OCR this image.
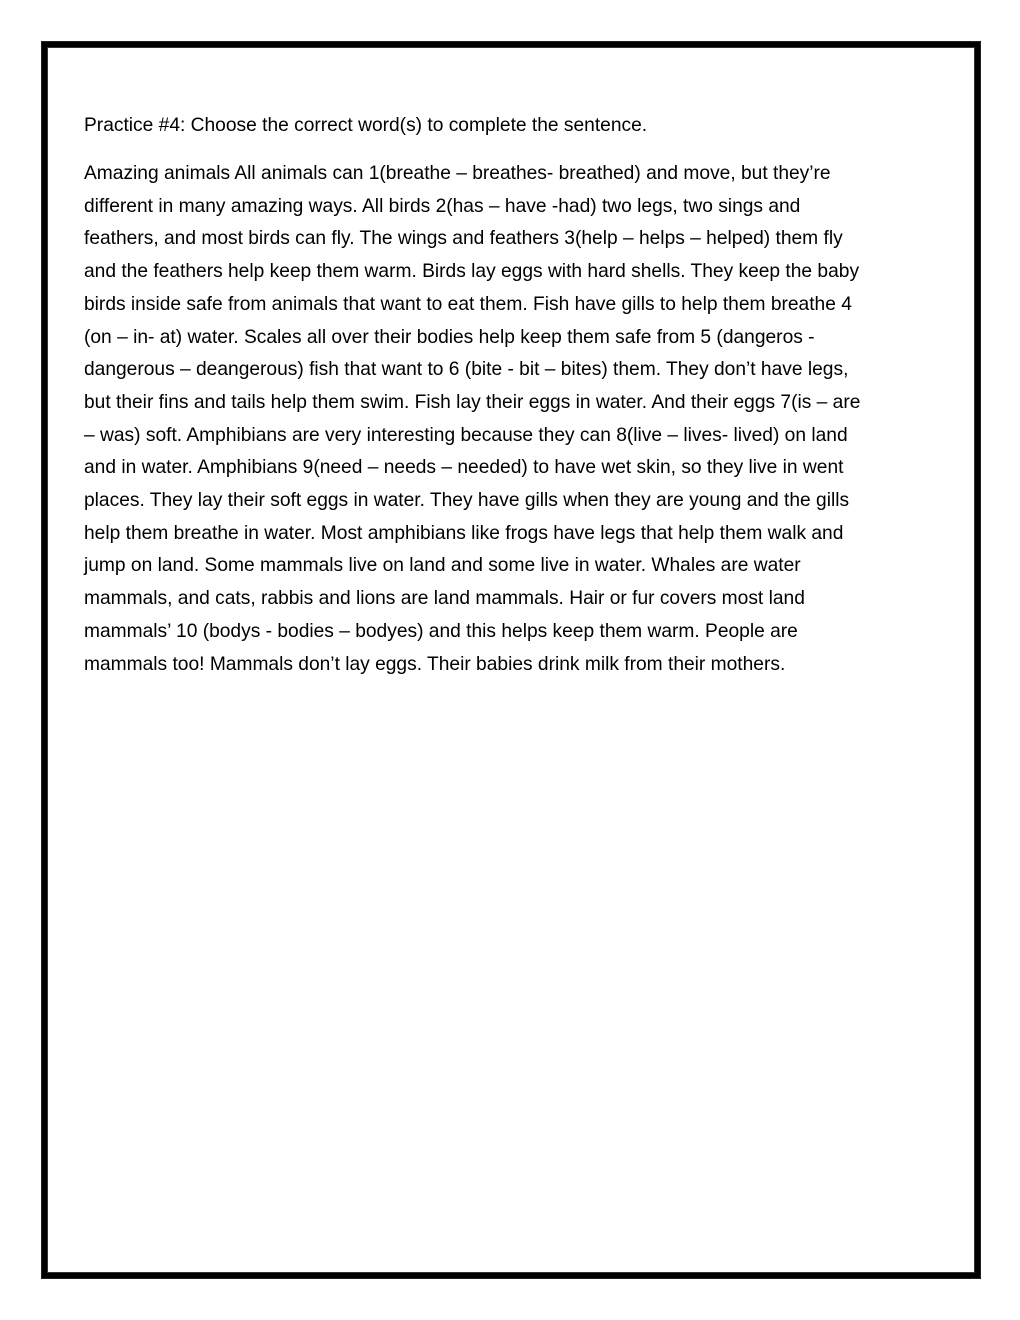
Practice #4: Choose the correct word(s) to complete the sentence.

Amazing animals All animals can 1(breathe – breathes- breathed) and move, but they’re
different in many amazing ways. All birds 2(has – have -had) two legs, two sings and
feathers, and most birds can fly. The wings and feathers 3(help – helps – helped) them fly
and the feathers help keep them warm. Birds lay eggs with hard shells. They keep the baby
birds inside safe from animals that want to eat them. Fish have gills to help them breathe 4
(on – in- at) water. Scales all over their bodies help keep them safe from 5 (dangeros -
dangerous – deangerous) fish that want to 6 (bite - bit – bites) them. They don’t have legs,
but their fins and tails help them swim. Fish lay their eggs in water. And their eggs 7(is – are
– was) soft. Amphibians are very interesting because they can 8(live – lives- lived) on land
and in water. Amphibians 9(need – needs – needed) to have wet skin, so they live in went
places. They lay their soft eggs in water. They have gills when they are young and the gills
help them breathe in water. Most amphibians like frogs have legs that help them walk and
jump on land. Some mammals live on land and some live in water. Whales are water
mammals, and cats, rabbis and lions are land mammals. Hair or fur covers most land
mammals’ 10 (bodys - bodies – bodyes) and this helps keep them warm. People are
mammals too! Mammals don’t lay eggs. Their babies drink milk from their mothers.
